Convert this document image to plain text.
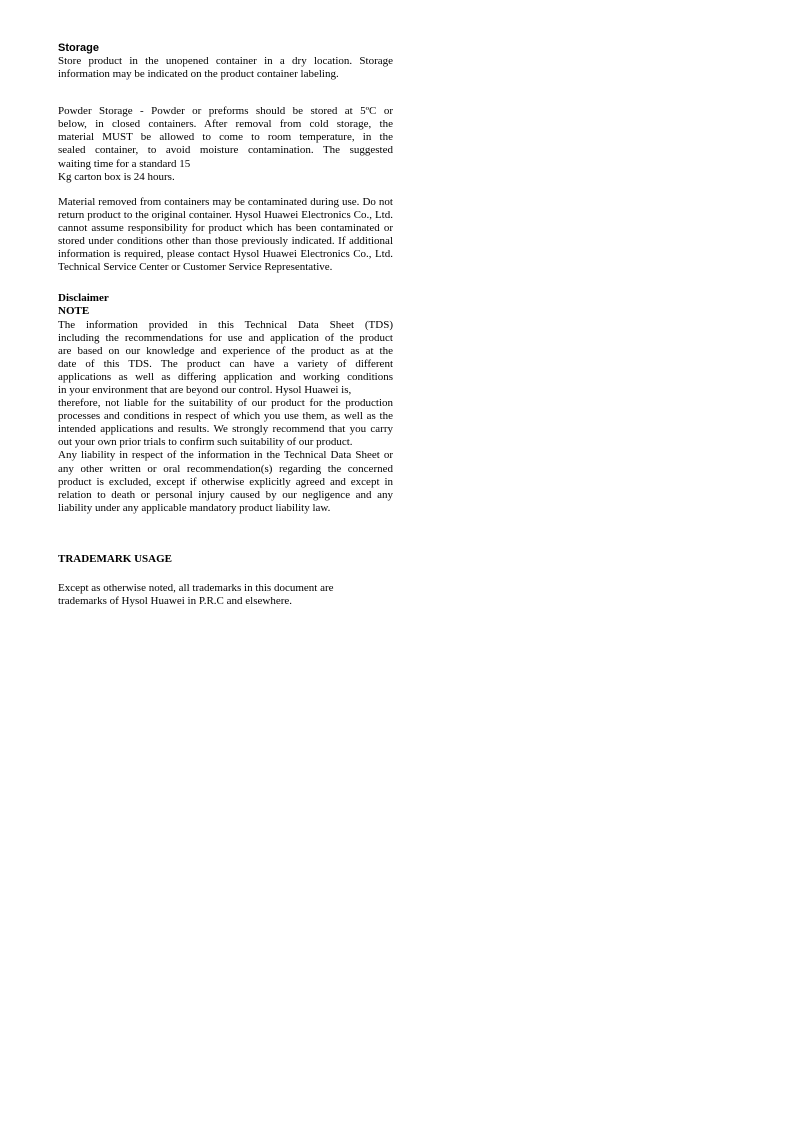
Storage

Store product in the unopened container in a dry location. Storage information may be indicated on the product container labeling.

Powder Storage - Powder or preforms should be stored at 5ºC or
below, in closed containers. After removal from cold storage, the
material MUST be allowed to come to room temperature, in the
sealed container, to avoid moisture contamination. The suggested
waiting time for a standard 15
Kg carton box is 24 hours.

Material removed from containers may be contaminated during use. Do not return product to the original container. Hysol Huawei Electronics Co., Ltd. cannot assume responsibility for product which has been contaminated or stored under conditions other than those previously indicated. If additional information is required, please contact Hysol Huawei Electronics Co., Ltd. Technical Service Center or Customer Service Representative.

Disclaimer

NOTE

The information provided in this Technical Data Sheet (TDS)
including the recommendations for use and application of the product
are based on our knowledge and experience of the product as at the
date of this TDS. The product can have a variety of different
applications as well as differing application and working conditions
in your environment that are beyond our control. Hysol Huawei is,

therefore, not liable for the suitability of our product for the production processes and conditions in respect of which you use them, as well as the intended applications and results. We strongly recommend that you carry out your own prior trials to confirm such suitability of our product.

Any liability in respect of the information in the Technical Data Sheet or any other written or oral recommendation(s) regarding the concerned product is excluded, except if otherwise explicitly agreed and except in relation to death or personal injury caused by our negligence and any liability under any applicable mandatory product liability law.

TRADEMARK USAGE

Except as otherwise noted, all trademarks in this document are
trademarks of Hysol Huawei in P.R.C and elsewhere.
